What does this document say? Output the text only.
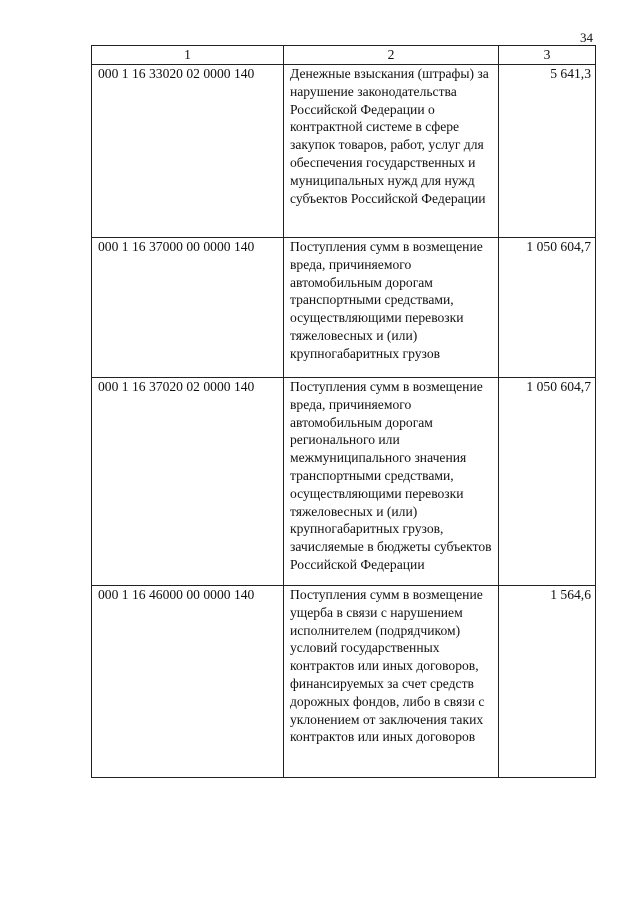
34
1	2	3
000 1 16 33020 02 0000 140	Денежные взыскания (штрафы) за нарушение законодательства Российской Федерации о контрактной системе в сфере закупок товаров, работ, услуг для обеспечения государственных и муниципальных нужд для нужд субъектов Российской Федерации	5 641,3
000 1 16 37000 00 0000 140	Поступления сумм в возмещение вреда, причиняемого автомобильным дорогам транспортными средствами, осуществляющими перевозки тяжеловесных и (или) крупногабаритных грузов	1 050 604,7
000 1 16 37020 02 0000 140	Поступления сумм в возмещение вреда, причиняемого автомобильным дорогам регионального или межмуниципального значения транспортными средствами, осуществляющими перевозки тяжеловесных и (или) крупногабаритных грузов, зачисляемые в бюджеты субъектов Российской Федерации	1 050 604,7
000 1 16 46000 00 0000 140	Поступления сумм в возмещение ущерба в связи с нарушением исполнителем (подрядчиком) условий государственных контрактов или иных договоров, финансируемых за счет средств дорожных фондов, либо в связи с уклонением от заключения таких контрактов или иных договоров	1 564,6
